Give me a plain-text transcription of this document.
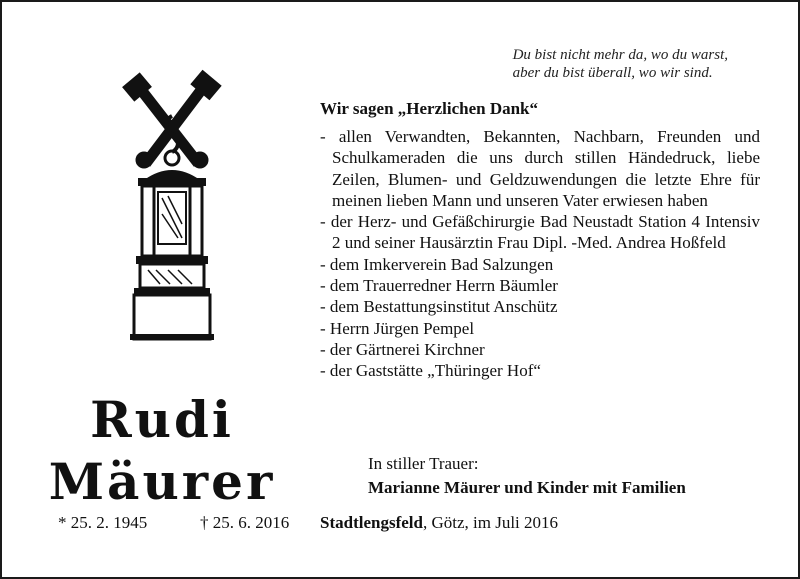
Du bist nicht mehr da, wo du warst,
aber du bist überall, wo wir sind.
Wir sagen „Herzlichen Dank“
- allen Verwandten, Bekannten, Nachbarn, Freunden und Schulkameraden die uns durch stillen Händedruck, liebe Zeilen, Blumen- und Geldzuwendungen die letzte Ehre für meinen lieben Mann und unseren Vater erwiesen haben
- der Herz- und Gefäßchirurgie Bad Neustadt Station 4 Intensiv 2 und seiner Hausärztin Frau Dipl. -Med. Andrea Hoßfeld
- dem Imkerverein Bad Salzungen
- dem Trauerredner Herrn Bäumler
- dem Bestattungsinstitut Anschütz
- Herrn Jürgen Pempel
- der Gärtnerei Kirchner
- der Gaststätte „Thüringer Hof“
Rudi
Mäurer
* 25. 2. 1945	† 25. 6. 2016
In stiller Trauer:
Marianne Mäurer und Kinder mit Familien
Stadtlengsfeld, Götz, im Juli 2016
